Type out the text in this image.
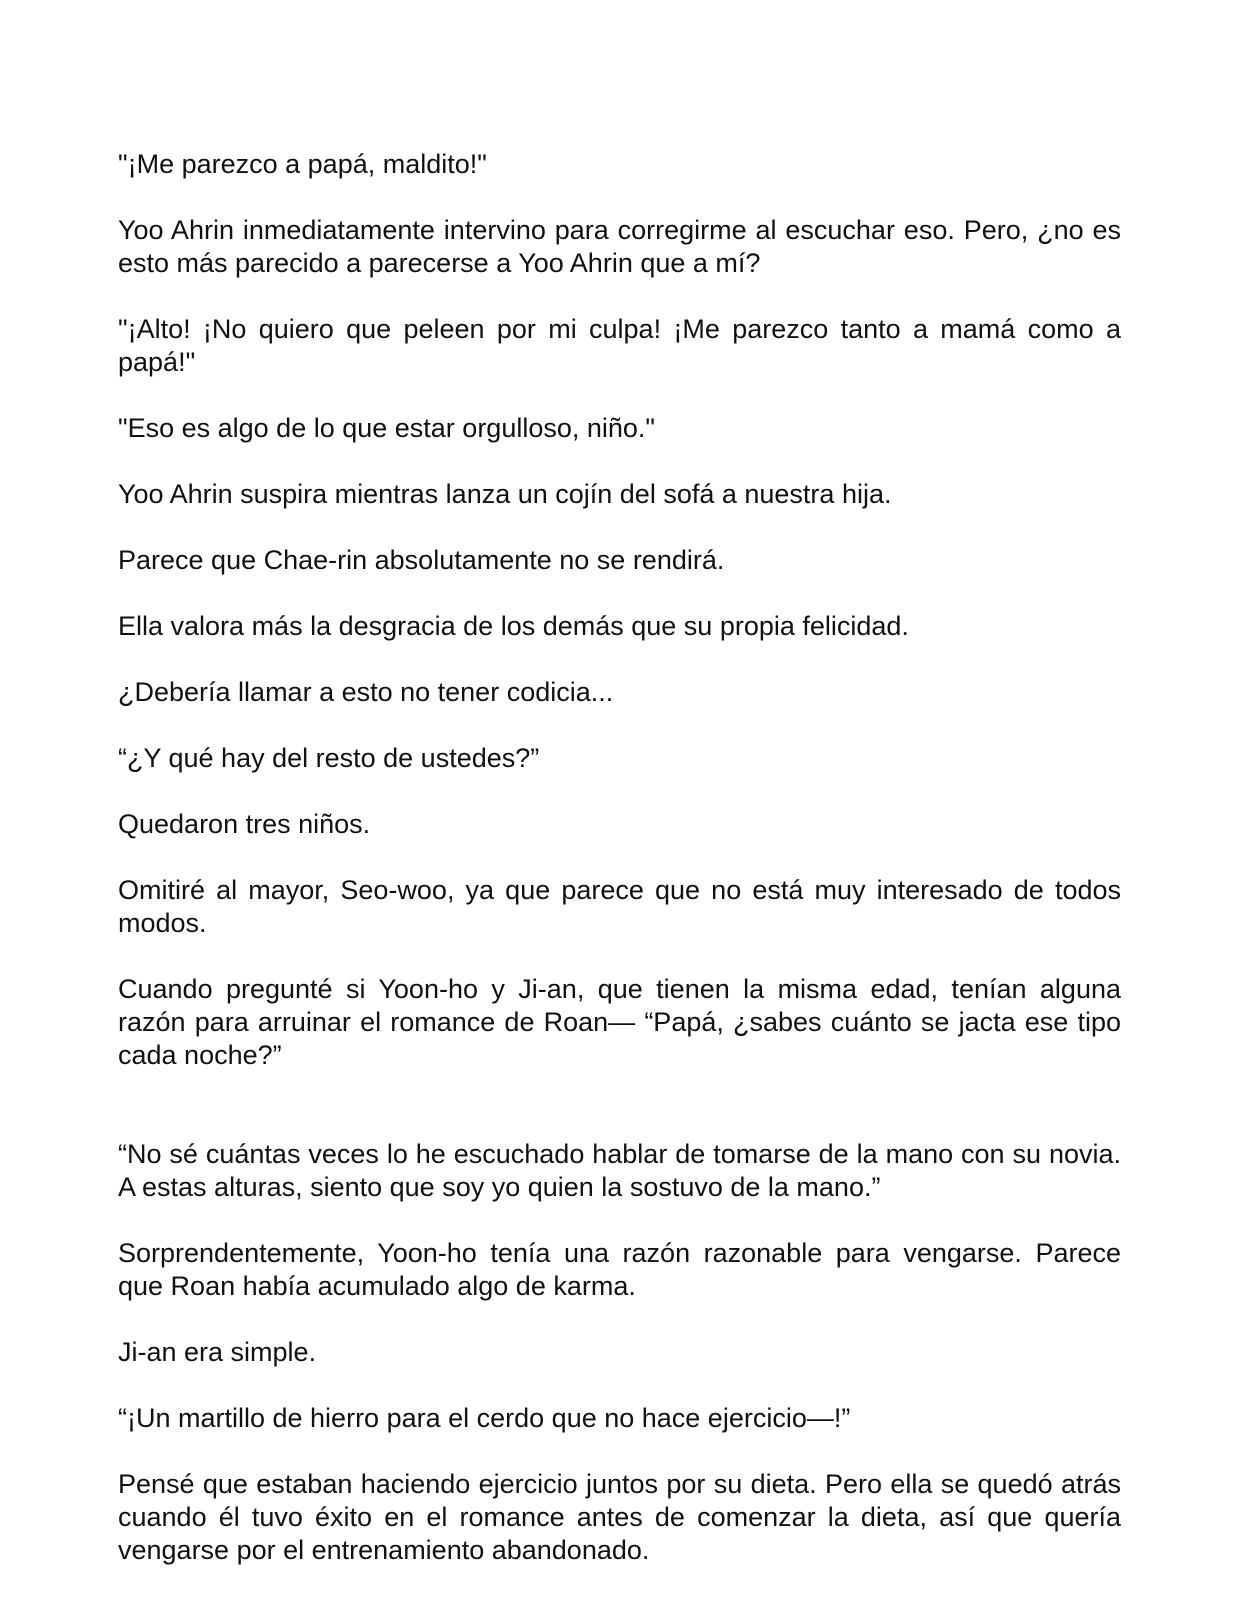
"¡Me parezco a papá, maldito!"

Yoo Ahrin inmediatamente intervino para corregirme al escuchar eso. Pero, ¿no es esto más parecido a parecerse a Yoo Ahrin que a mí?

"¡Alto! ¡No quiero que peleen por mi culpa! ¡Me parezco tanto a mamá como a papá!"

"Eso es algo de lo que estar orgulloso, niño."

Yoo Ahrin suspira mientras lanza un cojín del sofá a nuestra hija.

Parece que Chae-rin absolutamente no se rendirá.

Ella valora más la desgracia de los demás que su propia felicidad.

¿Debería llamar a esto no tener codicia...

“¿Y qué hay del resto de ustedes?”

Quedaron tres niños.

Omitiré al mayor, Seo-woo, ya que parece que no está muy interesado de todos modos.

Cuando pregunté si Yoon-ho y Ji-an, que tienen la misma edad, tenían alguna razón para arruinar el romance de Roan— “Papá, ¿sabes cuánto se jacta ese tipo cada noche?”

“No sé cuántas veces lo he escuchado hablar de tomarse de la mano con su novia. A estas alturas, siento que soy yo quien la sostuvo de la mano.”

Sorprendentemente, Yoon-ho tenía una razón razonable para vengarse. Parece que Roan había acumulado algo de karma.

Ji-an era simple.

“¡Un martillo de hierro para el cerdo que no hace ejercicio—!”

Pensé que estaban haciendo ejercicio juntos por su dieta. Pero ella se quedó atrás cuando él tuvo éxito en el romance antes de comenzar la dieta, así que quería vengarse por el entrenamiento abandonado.
